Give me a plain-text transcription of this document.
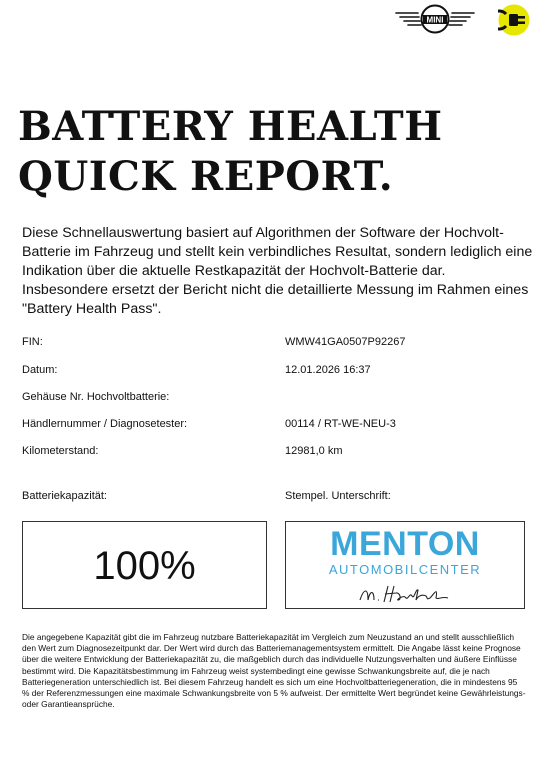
MINI
BATTERY HEALTH
QUICK REPORT.

Diese Schnellauswertung basiert auf Algorithmen der Software der Hochvolt-Batterie im Fahrzeug und stellt kein verbindliches Resultat, sondern lediglich eine Indikation über die aktuelle Restkapazität der Hochvolt-Batterie dar. Insbesondere ersetzt der Bericht nicht die detaillierte Messung im Rahmen eines "Battery Health Pass".

FIN:	WMW41GA0507P92267
Datum:	12.01.2026 16:37
Gehäuse Nr. Hochvoltbatterie:
Händlernummer / Diagnosetester:	00114 / RT-WE-NEU-3
Kilometerstand:	12981,0 km
Batteriekapazität:	Stempel. Unterschrift:
100%	MENTON
AUTOMOBILCENTER

Die angegebene Kapazität gibt die im Fahrzeug nutzbare Batteriekapazität im Vergleich zum Neuzustand an und stellt ausschließlich den Wert zum Diagnosezeitpunkt dar. Der Wert wird durch das Batteriemanagementsystem ermittelt. Die Angabe lässt keine Prognose über die weitere Entwicklung der Batteriekapazität zu, die maßgeblich durch das individuelle Nutzungsverhalten und äußere Einflüsse bestimmt wird. Die Kapazitätsbestimmung im Fahrzeug weist systembedingt eine gewisse Schwankungsbreite auf, die je nach Batteriegeneration unterschiedlich ist. Bei diesem Fahrzeug handelt es sich um eine Hochvoltbatteriegeneration, die in mindestens 95 % der Referenzmessungen eine maximale Schwankungsbreite von 5 % aufweist. Der ermittelte Wert begründet keine Gewährleistungs- oder Garantieansprüche.
